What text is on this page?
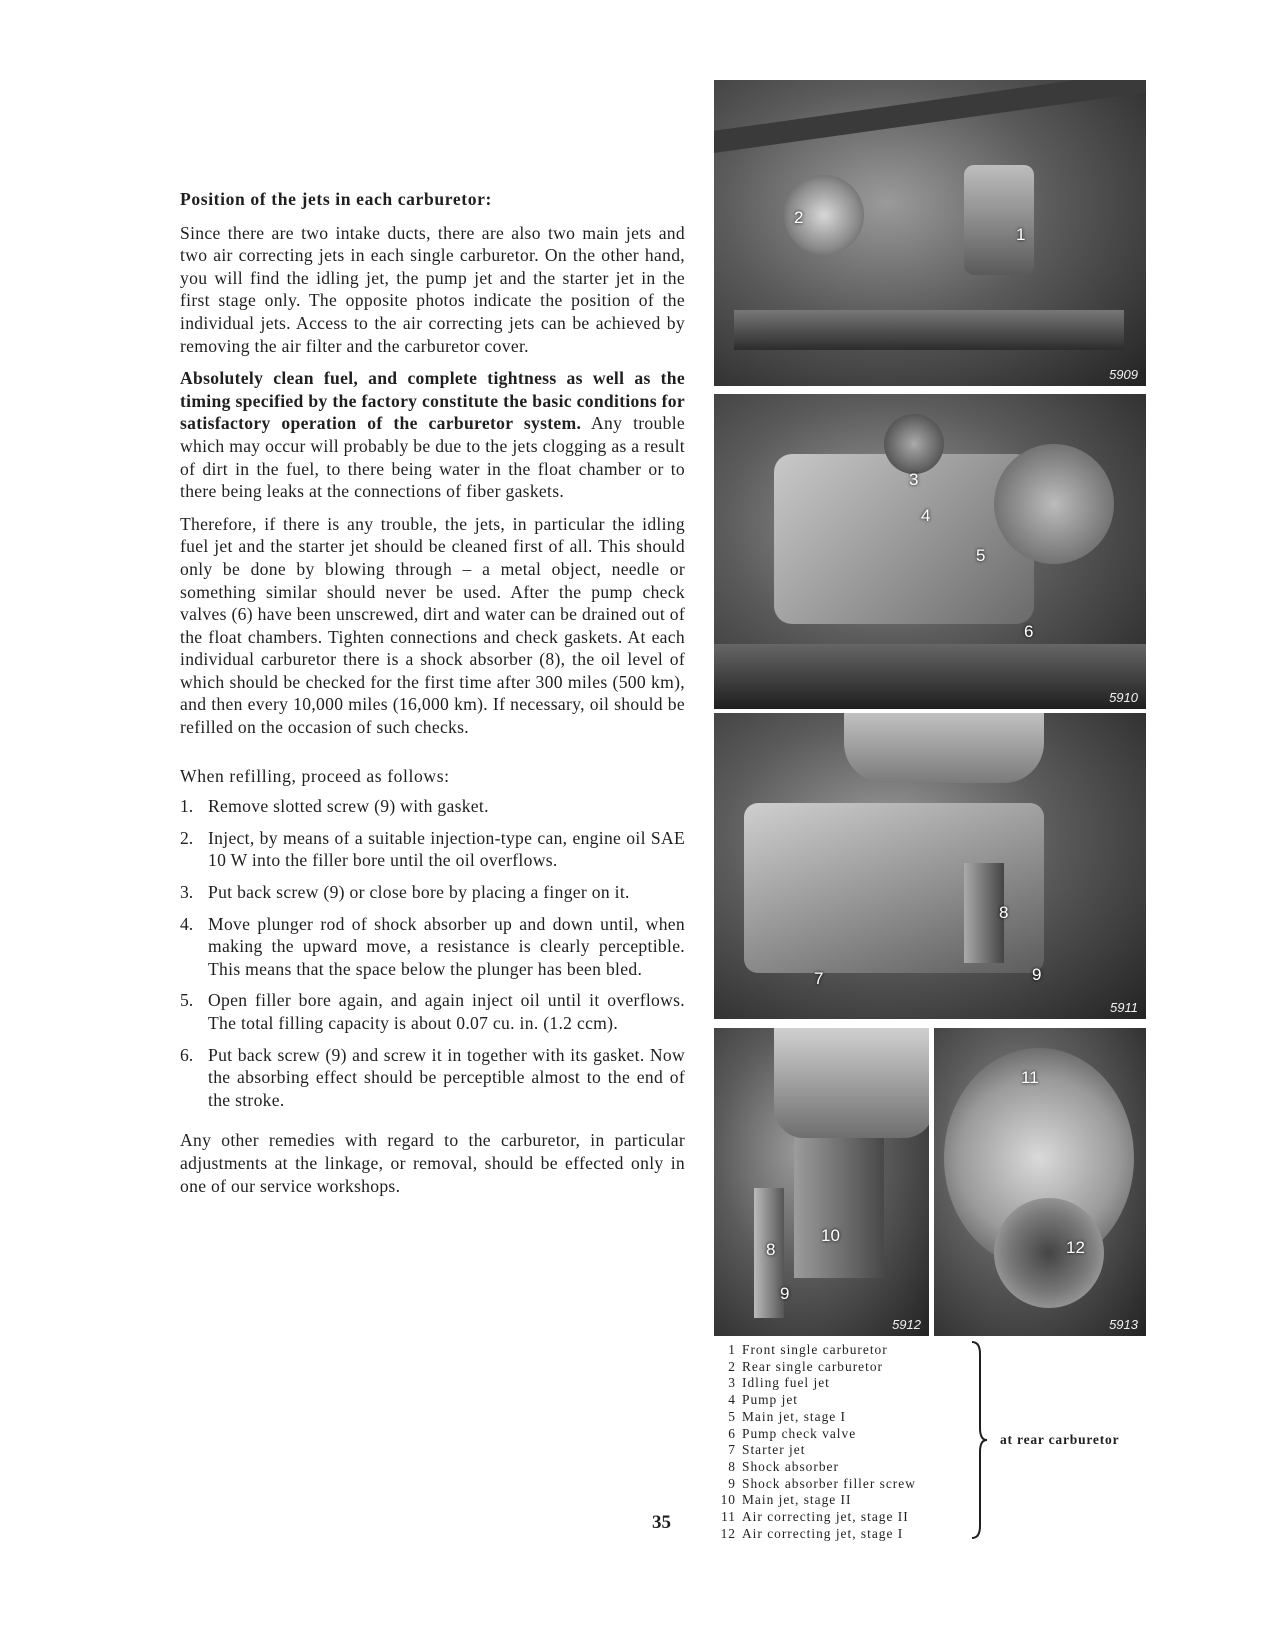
Position of the jets in each carburetor:

Since there are two intake ducts, there are also two main jets and two air correcting jets in each single carburetor. On the other hand, you will find the idling jet, the pump jet and the starter jet in the first stage only. The opposite photos indicate the position of the individual jets. Access to the air correcting jets can be achieved by removing the air filter and the carburetor cover.

Absolutely clean fuel, and complete tightness as well as the timing specified by the factory constitute the basic conditions for satisfactory operation of the carburetor system. Any trouble which may occur will probably be due to the jets clogging as a result of dirt in the fuel, to there being water in the float chamber or to there being leaks at the connections of fiber gaskets.

Therefore, if there is any trouble, the jets, in particular the idling fuel jet and the starter jet should be cleaned first of all. This should only be done by blowing through – a metal object, needle or something similar should never be used. After the pump check valves (6) have been unscrewed, dirt and water can be drained out of the float chambers. Tighten connections and check gaskets. At each individual carburetor there is a shock absorber (8), the oil level of which should be checked for the first time after 300 miles (500 km), and then every 10,000 miles (16,000 km). If necessary, oil should be refilled on the occasion of such checks.

When refilling, proceed as follows:
1. Remove slotted screw (9) with gasket.
2. Inject, by means of a suitable injection-type can, engine oil SAE 10 W into the filler bore until the oil overflows.
3. Put back screw (9) or close bore by placing a finger on it.
4. Move plunger rod of shock absorber up and down until, when making the upward move, a resistance is clearly perceptible. This means that the space below the plunger has been bled.
5. Open filler bore again, and again inject oil until it overflows. The total filling capacity is about 0.07 cu. in. (1.2 ccm).
6. Put back screw (9) and screw it in together with its gasket. Now the absorbing effect should be perceptible almost to the end of the stroke.

Any other remedies with regard to the carburetor, in particular adjustments at the linkage, or removal, should be effected only in one of our service workshops.

35
2
1
5909
3
4
5
6
5910
7
8
9
5911
10
8
9
5912
11
12
5913
1 Front single carburetor
2 Rear single carburetor
3 Idling fuel jet
4 Pump jet
5 Main jet, stage I
6 Pump check valve
7 Starter jet
8 Shock absorber
9 Shock absorber filler screw
10 Main jet, stage II
11 Air correcting jet, stage II
12 Air correcting jet, stage I
at rear carburetor
